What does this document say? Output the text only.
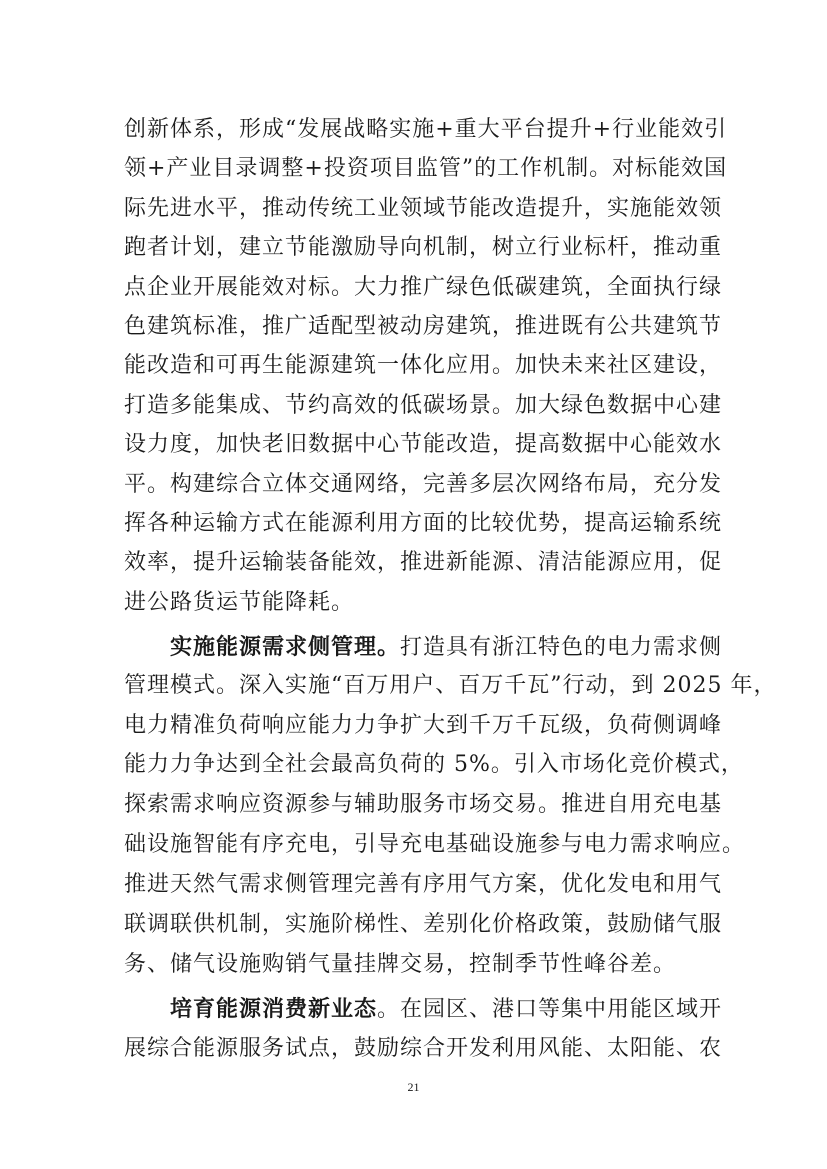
创新体系，形成“发展战略实施+重大平台提升+行业能效引
领+产业目录调整+投资项目监管”的工作机制。对标能效国
际先进水平，推动传统工业领域节能改造提升，实施能效领
跑者计划，建立节能激励导向机制，树立行业标杆，推动重
点企业开展能效对标。大力推广绿色低碳建筑，全面执行绿
色建筑标准，推广适配型被动房建筑，推进既有公共建筑节
能改造和可再生能源建筑一体化应用。加快未来社区建设，
打造多能集成、节约高效的低碳场景。加大绿色数据中心建
设力度，加快老旧数据中心节能改造，提高数据中心能效水
平。构建综合立体交通网络，完善多层次网络布局，充分发
挥各种运输方式在能源利用方面的比较优势，提高运输系统
效率，提升运输装备能效，推进新能源、清洁能源应用，促
进公路货运节能降耗。
实施能源需求侧管理。打造具有浙江特色的电力需求侧
管理模式。深入实施“百万用户、百万千瓦”行动，到 2025 年，
电力精准负荷响应能力力争扩大到千万千瓦级，负荷侧调峰
能力力争达到全社会最高负荷的 5%。引入市场化竞价模式，
探索需求响应资源参与辅助服务市场交易。推进自用充电基
础设施智能有序充电，引导充电基础设施参与电力需求响应。
推进天然气需求侧管理完善有序用气方案，优化发电和用气
联调联供机制，实施阶梯性、差别化价格政策，鼓励储气服
务、储气设施购销气量挂牌交易，控制季节性峰谷差。
培育能源消费新业态。在园区、港口等集中用能区域开
展综合能源服务试点，鼓励综合开发利用风能、太阳能、农
21
